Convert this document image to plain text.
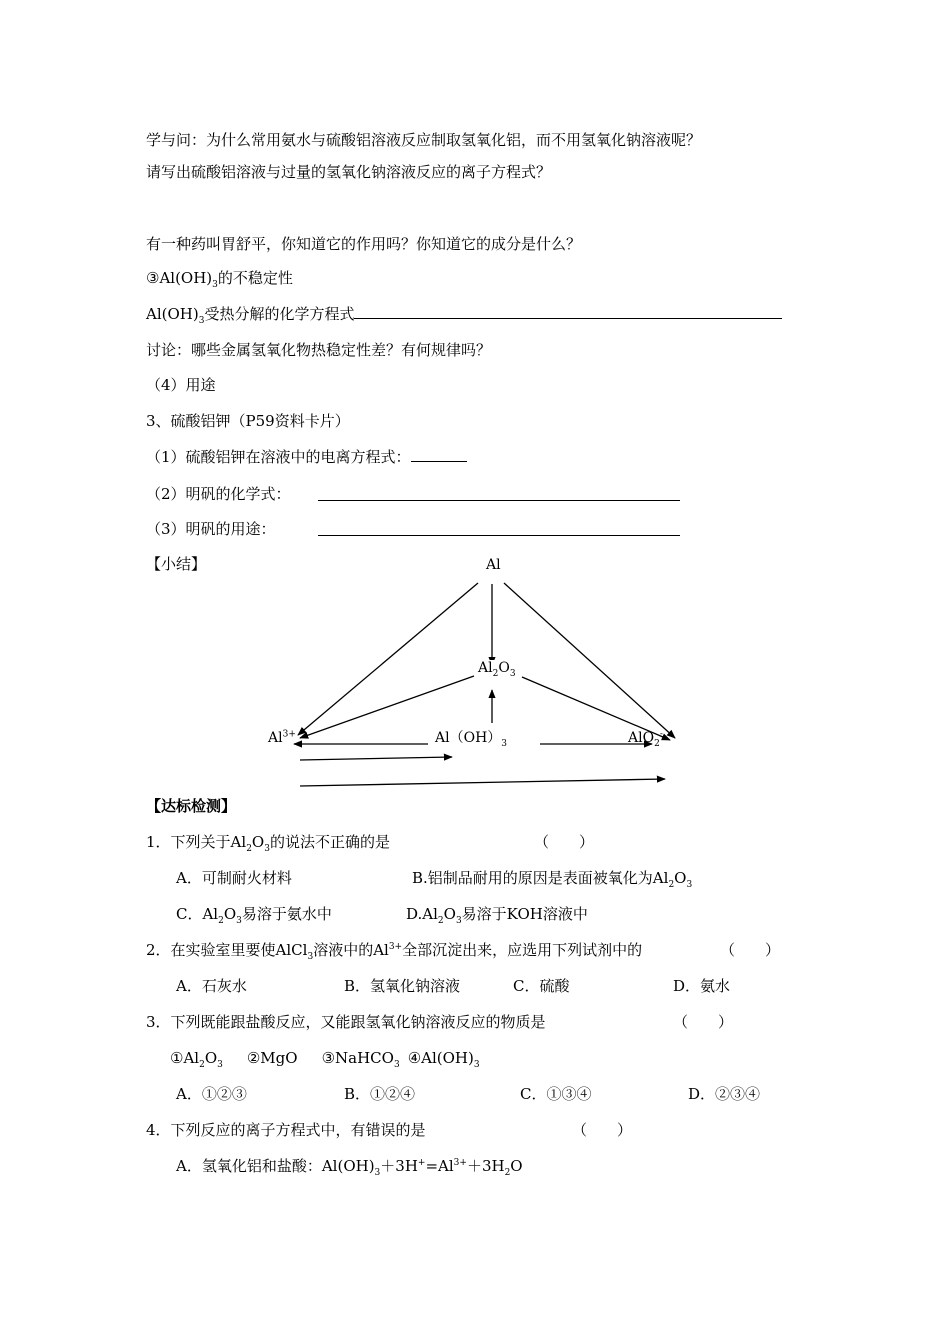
学与问：为什么常用氨水与硫酸铝溶液反应制取氢氧化铝，而不用氢氧化钠溶液呢？
请写出硫酸铝溶液与过量的氢氧化钠溶液反应的离子方程式？
有一种药叫胃舒平，你知道它的作用吗？你知道它的成分是什么？
$③Al(OH)_3$的不稳定性
$Al(OH)_3$受热分解的化学方程式
讨论：哪些金属氢氧化物热稳定性差？有何规律吗？
（4）用途
3、硫酸铝钾（P59资料卡片）
（1）硫酸铝钾在溶液中的电离方程式：
（2）明矾的化学式：
（3）明矾的用途：
【小结】	Al
$Al_2O_3$
$Al^{3+}$	$Al(OH)_3$	AlO$_2$-
【达标检测】
1．下列关于$Al_2O_3$的说法不正确的是	（　　）
A．可制耐火材料	B.铝制品耐用的原因是表面被氧化为$Al_2O_3$
C．$Al_2O_3$易溶于氨水中	$D.Al_2O_3$易溶于KOH溶液中
2．在实验室里要使AlCl$_3$溶液中的$Al^{3+}$全部沉淀出来，应选用下列试剂中的	（　　）
A．石灰水	B．氢氧化钠溶液	C．硫酸	D．氨水
3．下列既能跟盐酸反应，又能跟氢氧化钠溶液反应的物质是	（　　）
$①Al_2O_3$ ②MgO ③NaHCO$_3$ $④Al(OH)_3$
A．①②③	B．①②④	C．①③④	D．②③④
4．下列反应的离子方程式中，有错误的是	（　　）
A．氢氧化铝和盐酸：$Al(OH)_3+3H^+=Al^{3+}+3H_2O$
